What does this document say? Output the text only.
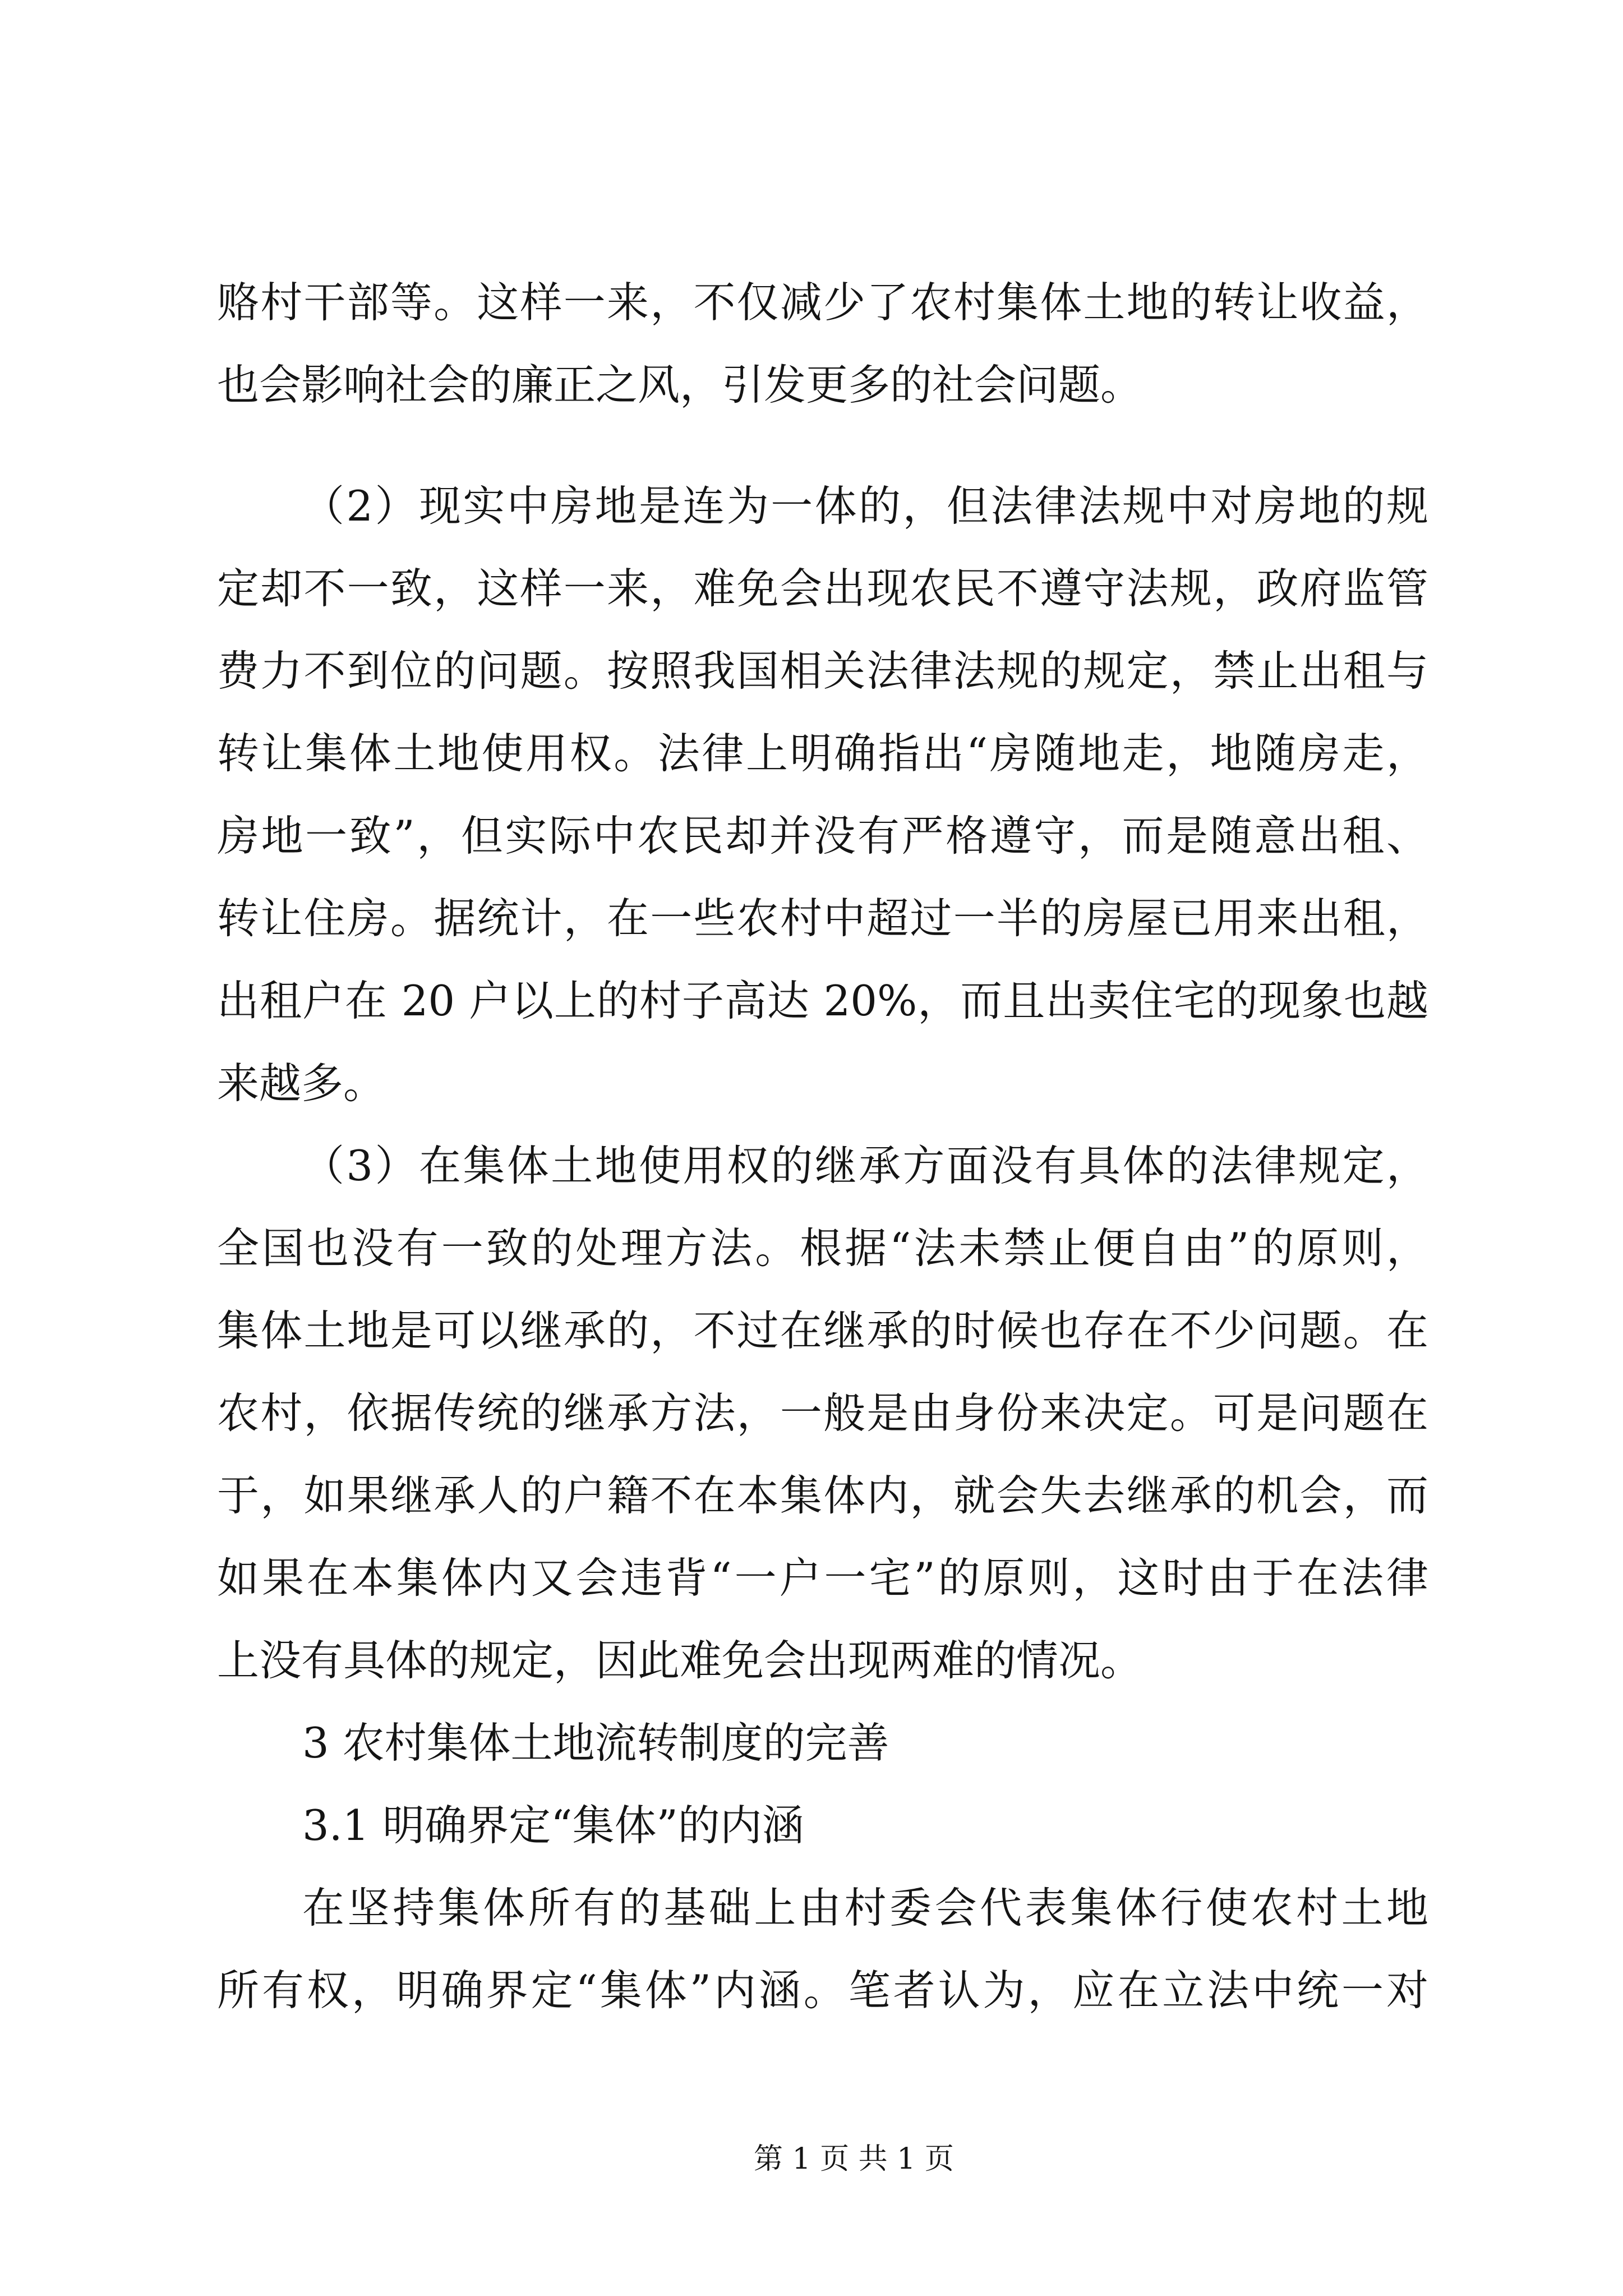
赂村干部等。这样一来，不仅减少了农村集体土地的转让收益，
也会影响社会的廉正之风，引发更多的社会问题。
（2）现实中房地是连为一体的，但法律法规中对房地的规
定却不一致，这样一来，难免会出现农民不遵守法规，政府监管
费力不到位的问题。按照我国相关法律法规的规定，禁止出租与
转让集体土地使用权。法律上明确指出“房随地走，地随房走，
房地一致”，但实际中农民却并没有严格遵守，而是随意出租、
转让住房。据统计，在一些农村中超过一半的房屋已用来出租，
出租户在 20 户以上的村子高达 20%，而且出卖住宅的现象也越
来越多。
（3）在集体土地使用权的继承方面没有具体的法律规定，
全国也没有一致的处理方法。根据“法未禁止便自由”的原则，
集体土地是可以继承的，不过在继承的时候也存在不少问题。在
农村，依据传统的继承方法，一般是由身份来决定。可是问题在
于，如果继承人的户籍不在本集体内，就会失去继承的机会，而
如果在本集体内又会违背“一户一宅”的原则，这时由于在法律
上没有具体的规定，因此难免会出现两难的情况。
3 农村集体土地流转制度的完善
3.1 明确界定“集体”的内涵
在坚持集体所有的基础上由村委会代表集体行使农村土地
所有权，明确界定“集体”内涵。笔者认为，应在立法中统一对
第 1 页 共 1 页
